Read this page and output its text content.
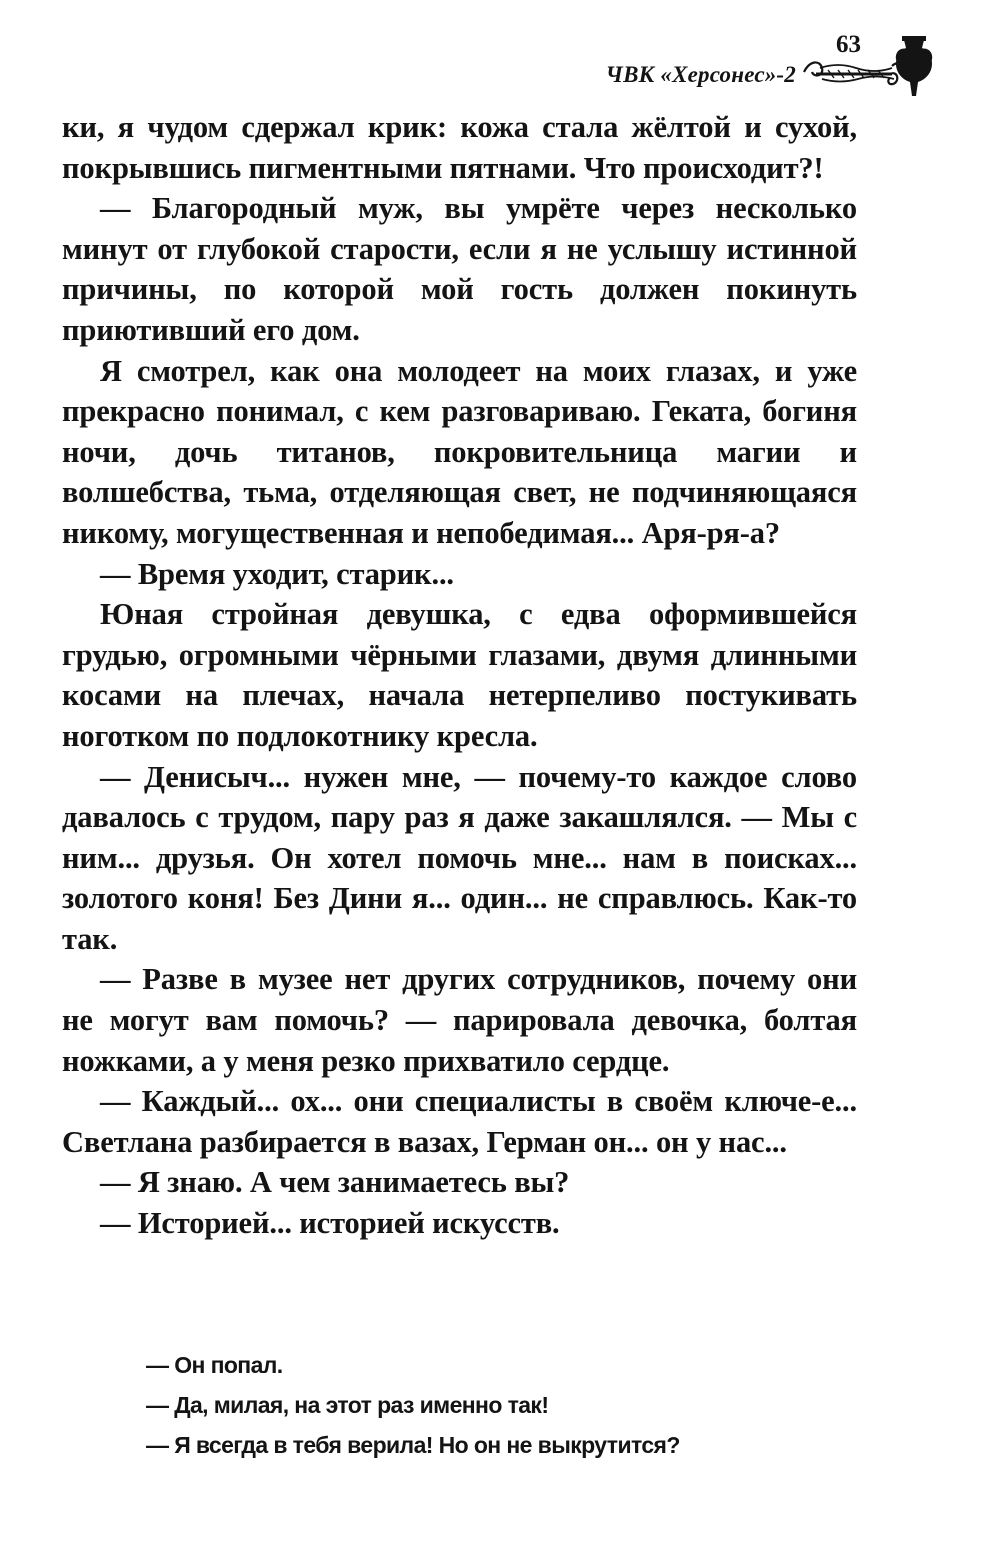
ЧВК «Херсонес»-2
63

ки, я чудом сдержал крик: кожа стала жёлтой и сухой, покрывшись пигментными пятнами. Что происходит?!

— Благородный муж, вы умрёте через несколько минут от глубокой старости, если я не услышу истинной причины, по которой мой гость должен покинуть приютивший его дом.

Я смотрел, как она молодеет на моих глазах, и уже прекрасно понимал, с кем разговариваю. Геката, богиня ночи, дочь титанов, покровительница магии и волшебства, тьма, отделяющая свет, не подчиняющаяся никому, могущественная и непобедимая... Аря-ря-а?

— Время уходит, старик...

Юная стройная девушка, с едва оформившейся грудью, огромными чёрными глазами, двумя длинными косами на плечах, начала нетерпеливо постукивать ноготком по подлокотнику кресла.

— Денисыч... нужен мне, — почему-то каждое слово давалось с трудом, пару раз я даже закашлялся. — Мы с ним... друзья. Он хотел помочь мне... нам в поисках... золотого коня! Без Дини я... один... не справлюсь. Как-то так.

— Разве в музее нет других сотрудников, почему они не могут вам помочь? — парировала девочка, болтая ножками, а у меня резко прихватило сердце.

— Каждый... ох... они специалисты в своём ключе-е... Светлана разбирается в вазах, Герман он... он у нас...

— Я знаю. А чем занимаетесь вы?

— Историей... историей искусств.

— Он попал.

— Да, милая, на этот раз именно так!

— Я всегда в тебя верила! Но он не выкрутится?
